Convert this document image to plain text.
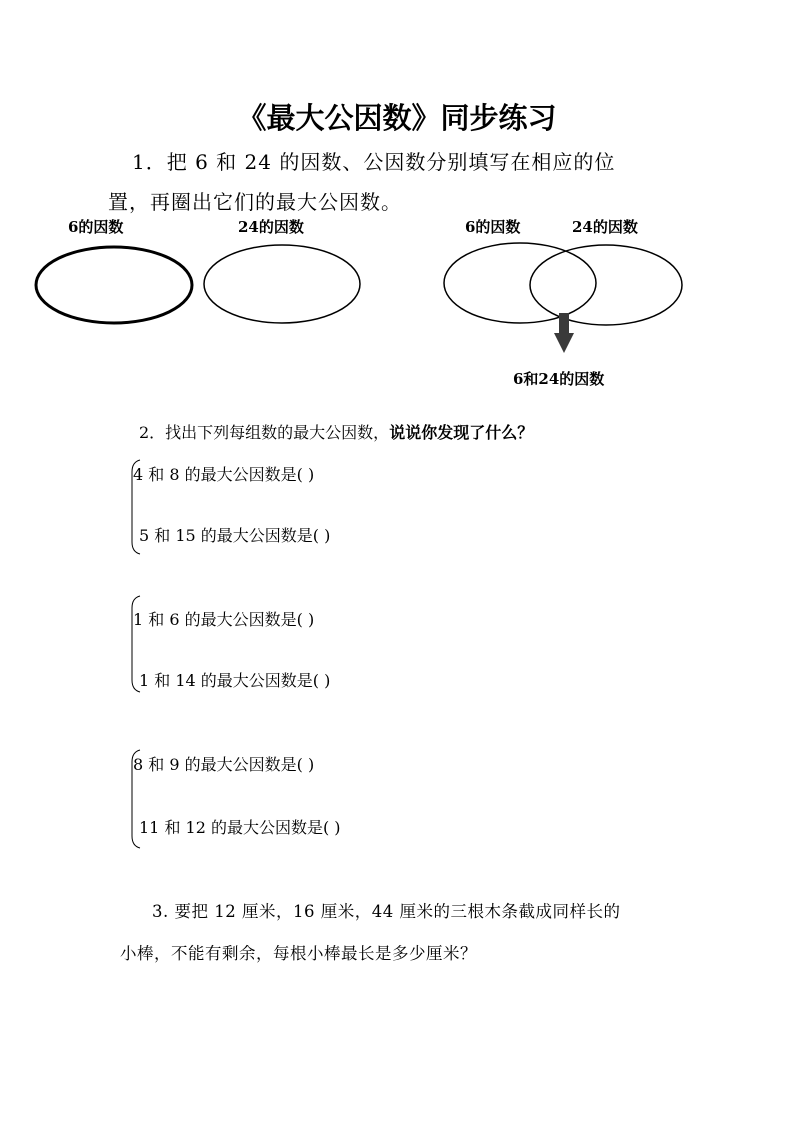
《最大公因数》同步练习
1．把 6 和 24 的因数、公因数分别填写在相应的位
置，再圈出它们的最大公因数。
6的因数	24的因数	6的因数	24的因数
6和24的因数
2．找出下列每组数的最大公因数，说说你发现了什么？
4 和 8 的最大公因数是( )
5 和 15 的最大公因数是( )
1 和 6 的最大公因数是( )
1 和 14 的最大公因数是( )
8 和 9 的最大公因数是( )
11 和 12 的最大公因数是( )
3. 要把 12 厘米，16 厘米，44 厘米的三根木条截成同样长的
小棒，不能有剩余，每根小棒最长是多少厘米？
